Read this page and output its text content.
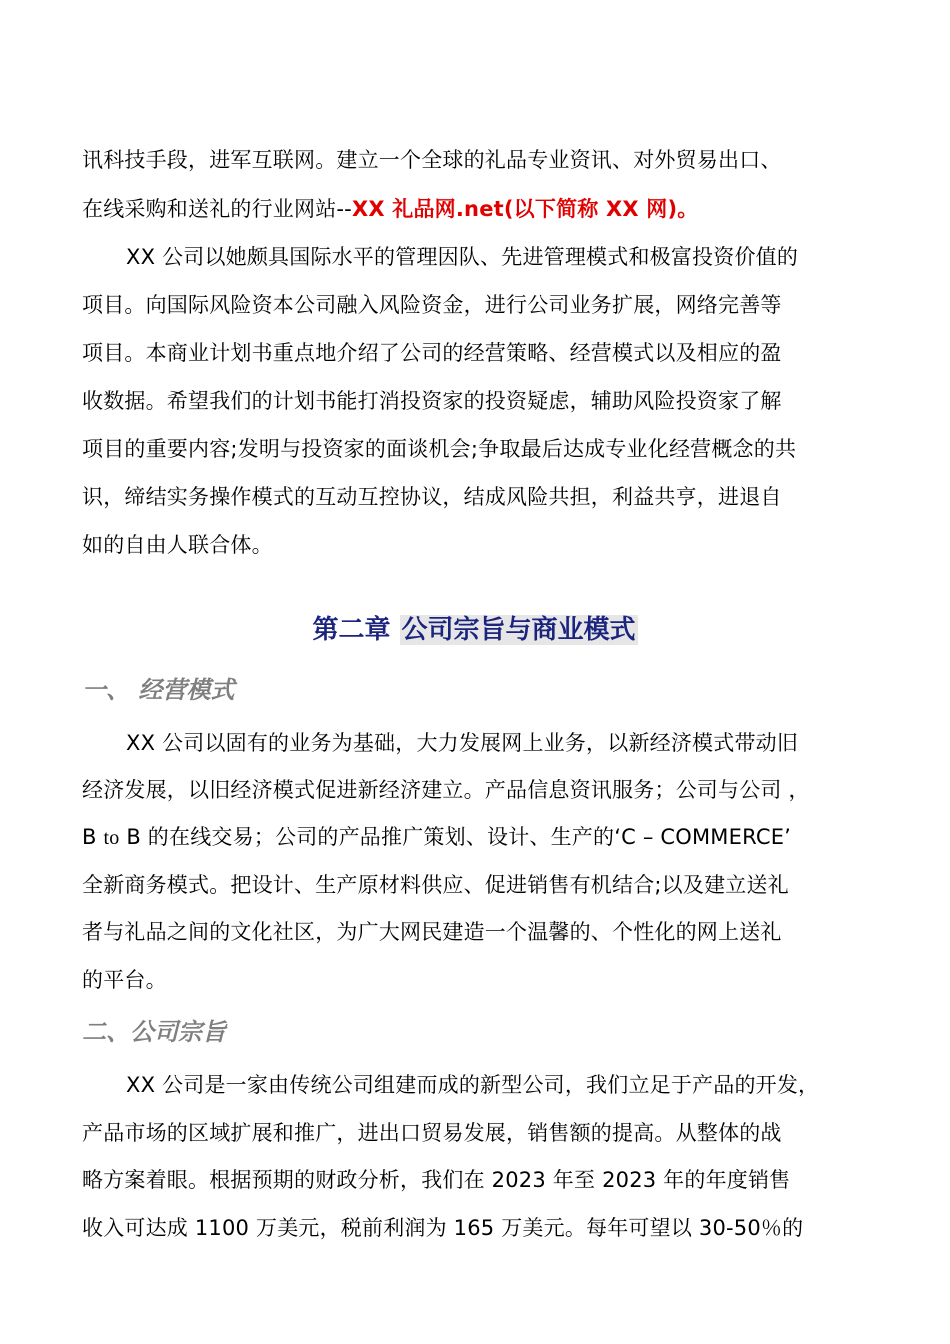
讯科技手段，进军互联网。建立一个全球的礼品专业资讯、对外贸易出口、
在线采购和送礼的行业网站--XX 礼品网.net(以下简称 XX 网)。
XX 公司以她颇具国际水平的管理因队、先进管理模式和极富投资价值的
项目。向国际风险资本公司融入风险资金，进行公司业务扩展，网络完善等
项目。本商业计划书重点地介绍了公司的经营策略、经营模式以及相应的盈
收数据。希望我们的计划书能打消投资家的投资疑虑，辅助风险投资家了解
项目的重要内容;发明与投资家的面谈机会;争取最后达成专业化经营概念的共
识，缔结实务操作模式的互动互控协议，结成风险共担，利益共亨，进退自
如的自由人联合体。
第二章 公司宗旨与商业模式
一、 经营模式
XX 公司以固有的业务为基础，大力发展网上业务，以新经济模式带动旧
经济发展，以旧经济模式促进新经济建立。产品信息资讯服务；公司与公司 ，
B to B 的在线交易；公司的产品推广策划、设计、生产的‘C – COMMERCE’
全新商务模式。把设计、生产原材料供应、促进销售有机结合;以及建立送礼
者与礼品之间的文化社区，为广大网民建造一个温馨的、个性化的网上送礼
的平台。
二、公司宗旨
XX 公司是一家由传统公司组建而成的新型公司，我们立足于产品的开发，
产品市场的区域扩展和推广，进出口贸易发展，销售额的提高。从整体的战
略方案着眼。根据预期的财政分析，我们在 2023 年至 2023 年的年度销售
收入可达成 1100 万美元，税前利润为 165 万美元。每年可望以 30-50％的
